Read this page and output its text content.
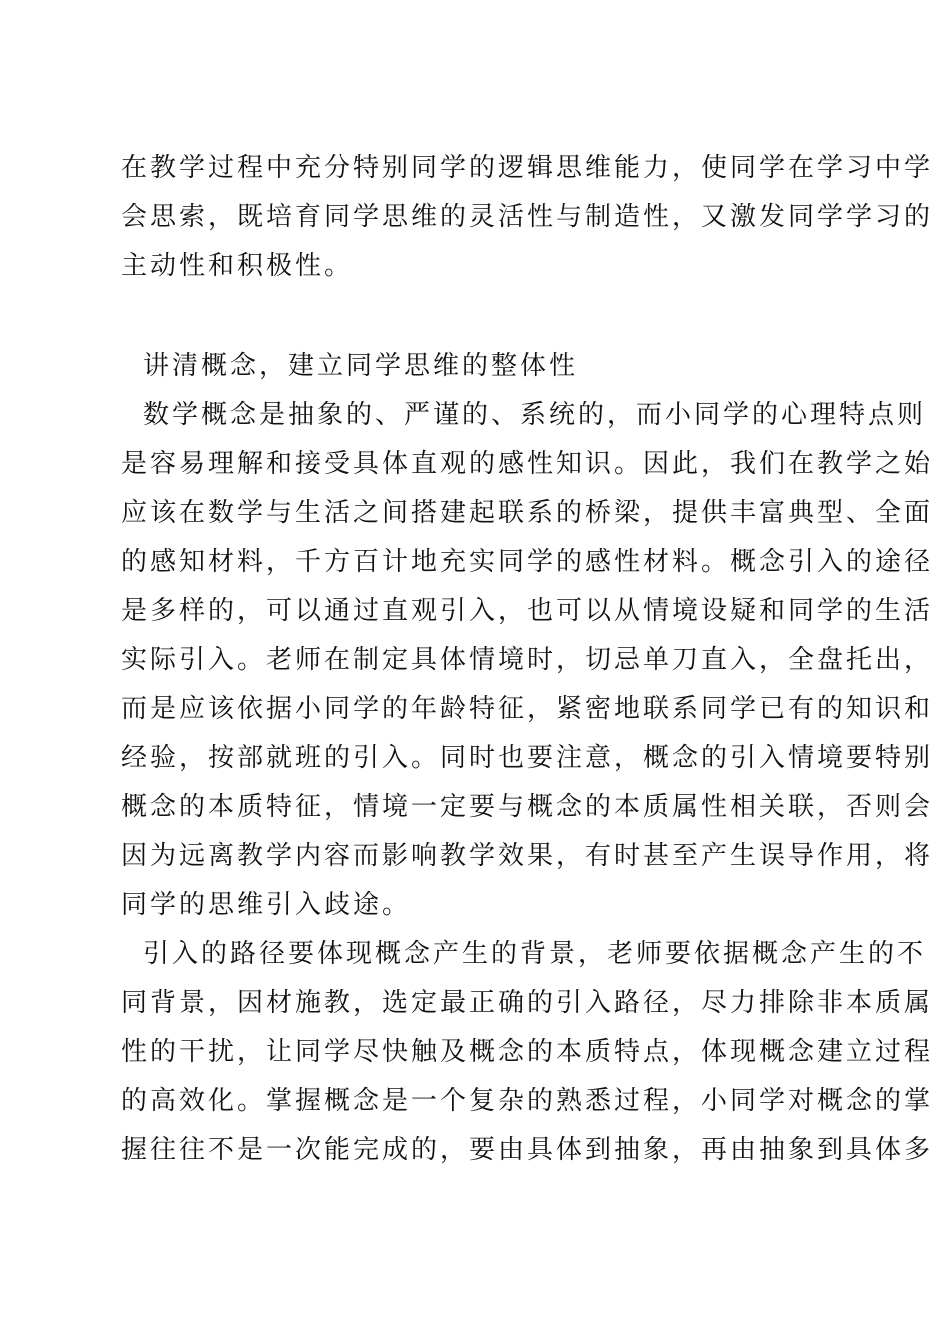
在教学过程中充分特别同学的逻辑思维能力，使同学在学习中学
会思索，既培育同学思维的灵活性与制造性，又激发同学学习的
主动性和积极性。
讲清概念，建立同学思维的整体性
数学概念是抽象的、严谨的、系统的，而小同学的心理特点则
是容易理解和接受具体直观的感性知识。因此，我们在教学之始
应该在数学与生活之间搭建起联系的桥梁，提供丰富典型、全面
的感知材料，千方百计地充实同学的感性材料。概念引入的途径
是多样的，可以通过直观引入，也可以从情境设疑和同学的生活
实际引入。老师在制定具体情境时，切忌单刀直入，全盘托出，
而是应该依据小同学的年龄特征，紧密地联系同学已有的知识和
经验，按部就班的引入。同时也要注意，概念的引入情境要特别
概念的本质特征，情境一定要与概念的本质属性相关联，否则会
因为远离教学内容而影响教学效果，有时甚至产生误导作用，将
同学的思维引入歧途。
引入的路径要体现概念产生的背景，老师要依据概念产生的不
同背景，因材施教，选定最正确的引入路径，尽力排除非本质属
性的干扰，让同学尽快触及概念的本质特点，体现概念建立过程
的高效化。掌握概念是一个复杂的熟悉过程，小同学对概念的掌
握往往不是一次能完成的，要由具体到抽象，再由抽象到具体多
